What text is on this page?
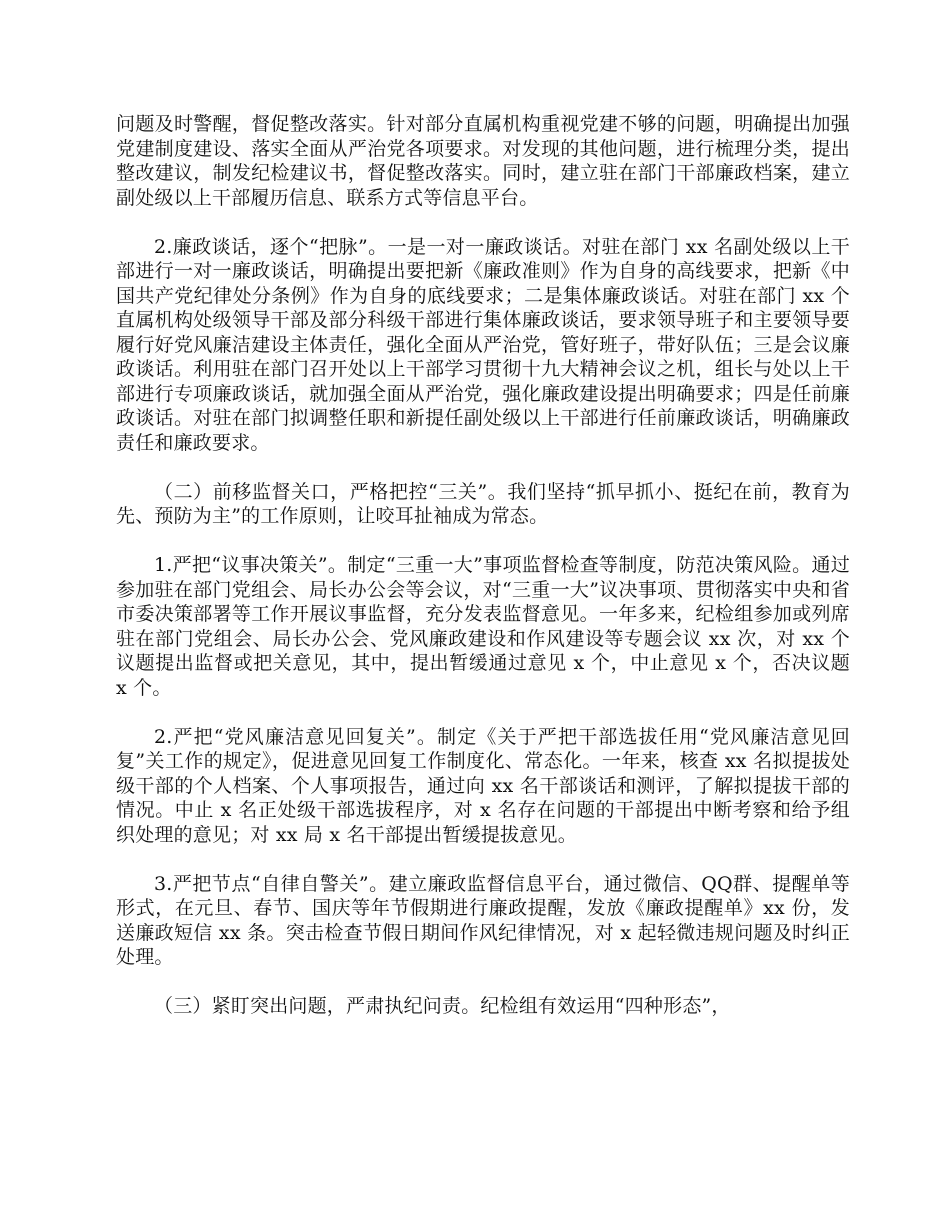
问题及时警醒，督促整改落实。针对部分直属机构重视党建不够的问题，明确提出加强党建制度建设、落实全面从严治党各项要求。对发现的其他问题，进行梳理分类，提出整改建议，制发纪检建议书，督促整改落实。同时，建立驻在部门干部廉政档案，建立副处级以上干部履历信息、联系方式等信息平台。

2.廉政谈话，逐个“把脉”。一是一对一廉政谈话。对驻在部门 xx 名副处级以上干部进行一对一廉政谈话，明确提出要把新《廉政准则》作为自身的高线要求，把新《中国共产党纪律处分条例》作为自身的底线要求；二是集体廉政谈话。对驻在部门 xx 个直属机构处级领导干部及部分科级干部进行集体廉政谈话，要求领导班子和主要领导要履行好党风廉洁建设主体责任，强化全面从严治党，管好班子，带好队伍；三是会议廉政谈话。利用驻在部门召开处以上干部学习贯彻十九大精神会议之机，组长与处以上干部进行专项廉政谈话，就加强全面从严治党，强化廉政建设提出明确要求；四是任前廉政谈话。对驻在部门拟调整任职和新提任副处级以上干部进行任前廉政谈话，明确廉政责任和廉政要求。

（二）前移监督关口，严格把控“三关”。我们坚持“抓早抓小、挺纪在前，教育为先、预防为主”的工作原则，让咬耳扯袖成为常态。

1.严把“议事决策关”。制定“三重一大”事项监督检查等制度，防范决策风险。通过参加驻在部门党组会、局长办公会等会议，对“三重一大”议决事项、贯彻落实中央和省市委决策部署等工作开展议事监督，充分发表监督意见。一年多来，纪检组参加或列席驻在部门党组会、局长办公会、党风廉政建设和作风建设等专题会议 xx 次，对 xx 个议题提出监督或把关意见，其中，提出暂缓通过意见 x 个，中止意见 x 个，否决议题 x 个。

2.严把“党风廉洁意见回复关”。制定《关于严把干部选拔任用“党风廉洁意见回复”关工作的规定》，促进意见回复工作制度化、常态化。一年来，核查 xx 名拟提拔处级干部的个人档案、个人事项报告，通过向 xx 名干部谈话和测评，了解拟提拔干部的情况。中止 x 名正处级干部选拔程序，对 x 名存在问题的干部提出中断考察和给予组织处理的意见；对 xx 局 x 名干部提出暂缓提拔意见。

3.严把节点“自律自警关”。建立廉政监督信息平台，通过微信、QQ群、提醒单等形式，在元旦、春节、国庆等年节假期进行廉政提醒，发放《廉政提醒单》xx 份，发送廉政短信 xx 条。突击检查节假日期间作风纪律情况，对 x 起轻微违规问题及时纠正处理。

（三）紧盯突出问题，严肃执纪问责。纪检组有效运用“四种形态”，
